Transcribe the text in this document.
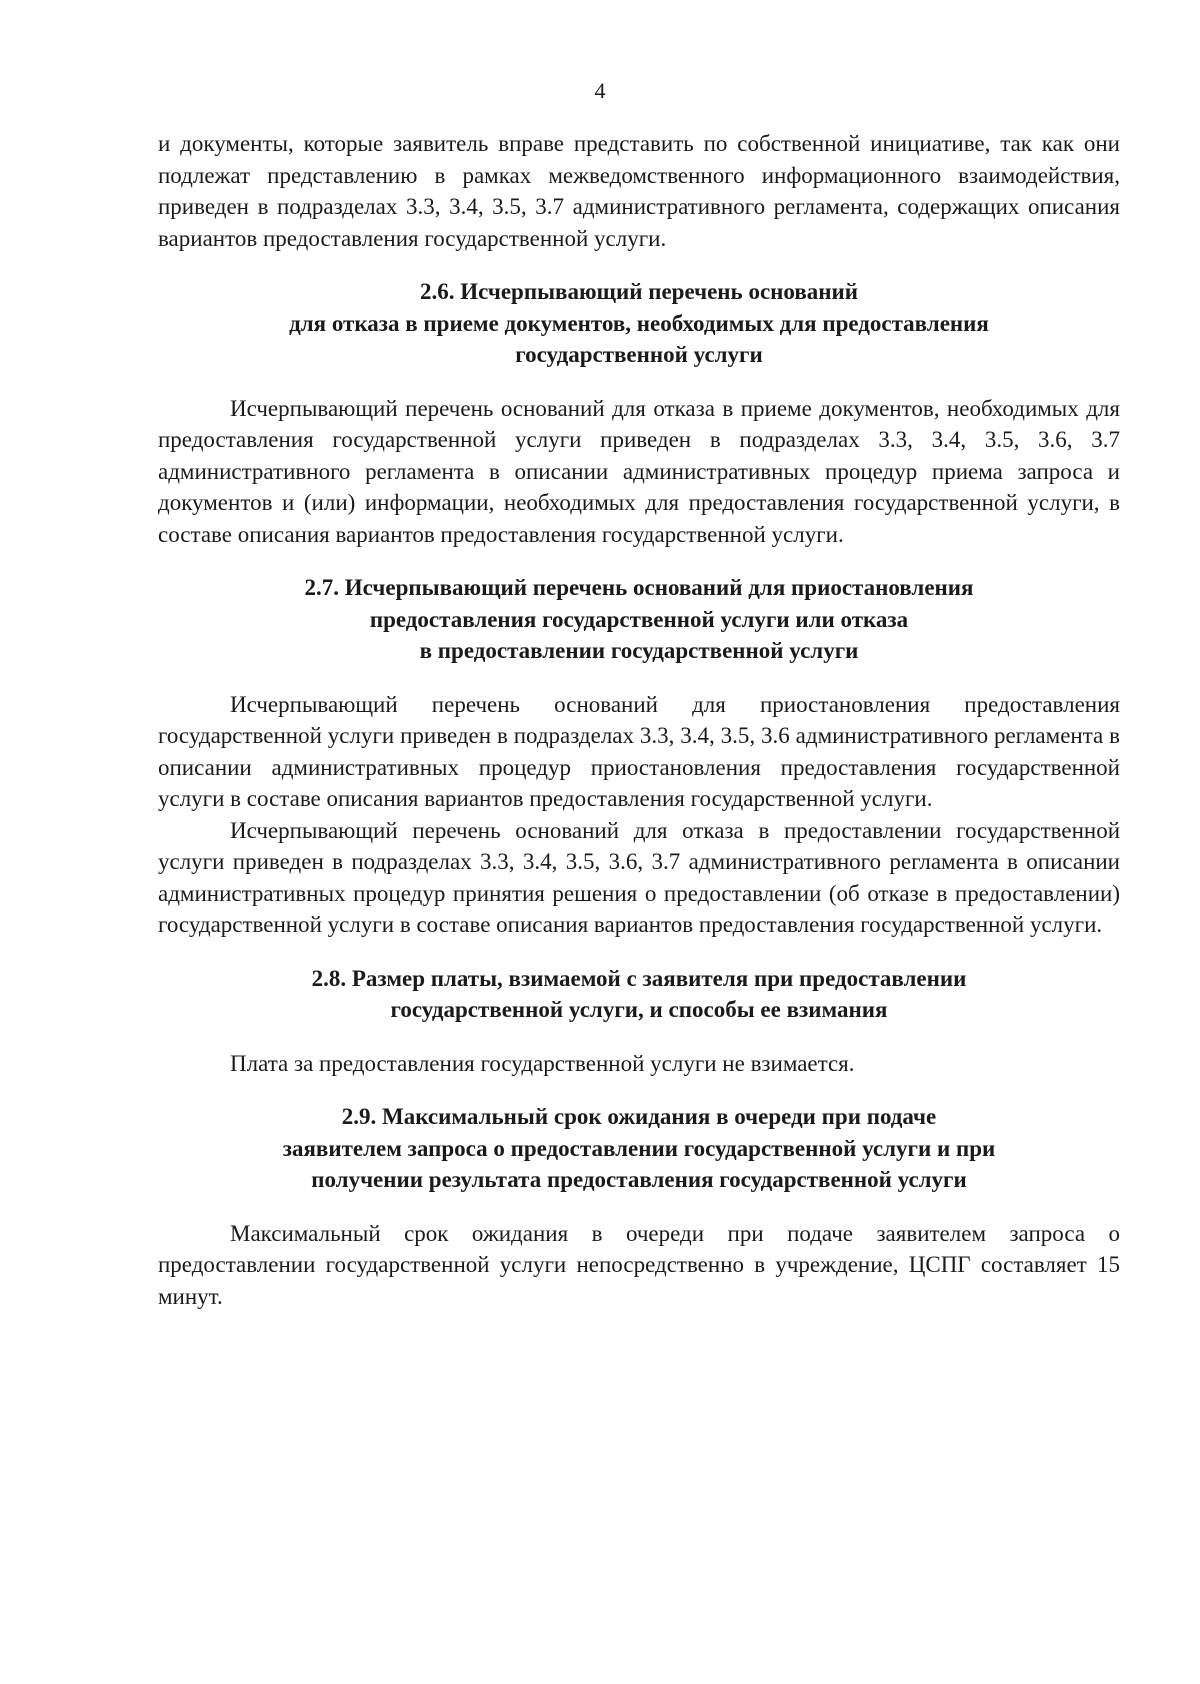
4

и документы, которые заявитель вправе представить по собственной инициативе, так как они подлежат представлению в рамках межведомственного информационного взаимодействия, приведен в подразделах 3.3, 3.4, 3.5, 3.7 административного регламента, содержащих описания вариантов предоставления государственной услуги.

2.6. Исчерпывающий перечень оснований
для отказа в приеме документов, необходимых для предоставления
государственной услуги

Исчерпывающий перечень оснований для отказа в приеме документов, необходимых для предоставления государственной услуги приведен в подразделах 3.3, 3.4, 3.5, 3.6, 3.7 административного регламента в описании административных процедур приема запроса и документов и (или) информации, необходимых для предоставления государственной услуги, в составе описания вариантов предоставления государственной услуги.

2.7. Исчерпывающий перечень оснований для приостановления
предоставления государственной услуги или отказа
в предоставлении государственной услуги

Исчерпывающий перечень оснований для приостановления предоставления государственной услуги приведен в подразделах 3.3, 3.4, 3.5, 3.6 административного регламента в описании административных процедур приостановления предоставления государственной услуги в составе описания вариантов предоставления государственной услуги.

Исчерпывающий перечень оснований для отказа в предоставлении государственной услуги приведен в подразделах 3.3, 3.4, 3.5, 3.6, 3.7 административного регламента в описании административных процедур принятия решения о предоставлении (об отказе в предоставлении) государственной услуги в составе описания вариантов предоставления государственной услуги.

2.8. Размер платы, взимаемой с заявителя при предоставлении
государственной услуги, и способы ее взимания

Плата за предоставления государственной услуги не взимается.

2.9. Максимальный срок ожидания в очереди при подаче
заявителем запроса о предоставлении государственной услуги и при
получении результата предоставления государственной услуги

Максимальный срок ожидания в очереди при подаче заявителем запроса о предоставлении государственной услуги непосредственно в учреждение, ЦСПГ составляет 15 минут.
